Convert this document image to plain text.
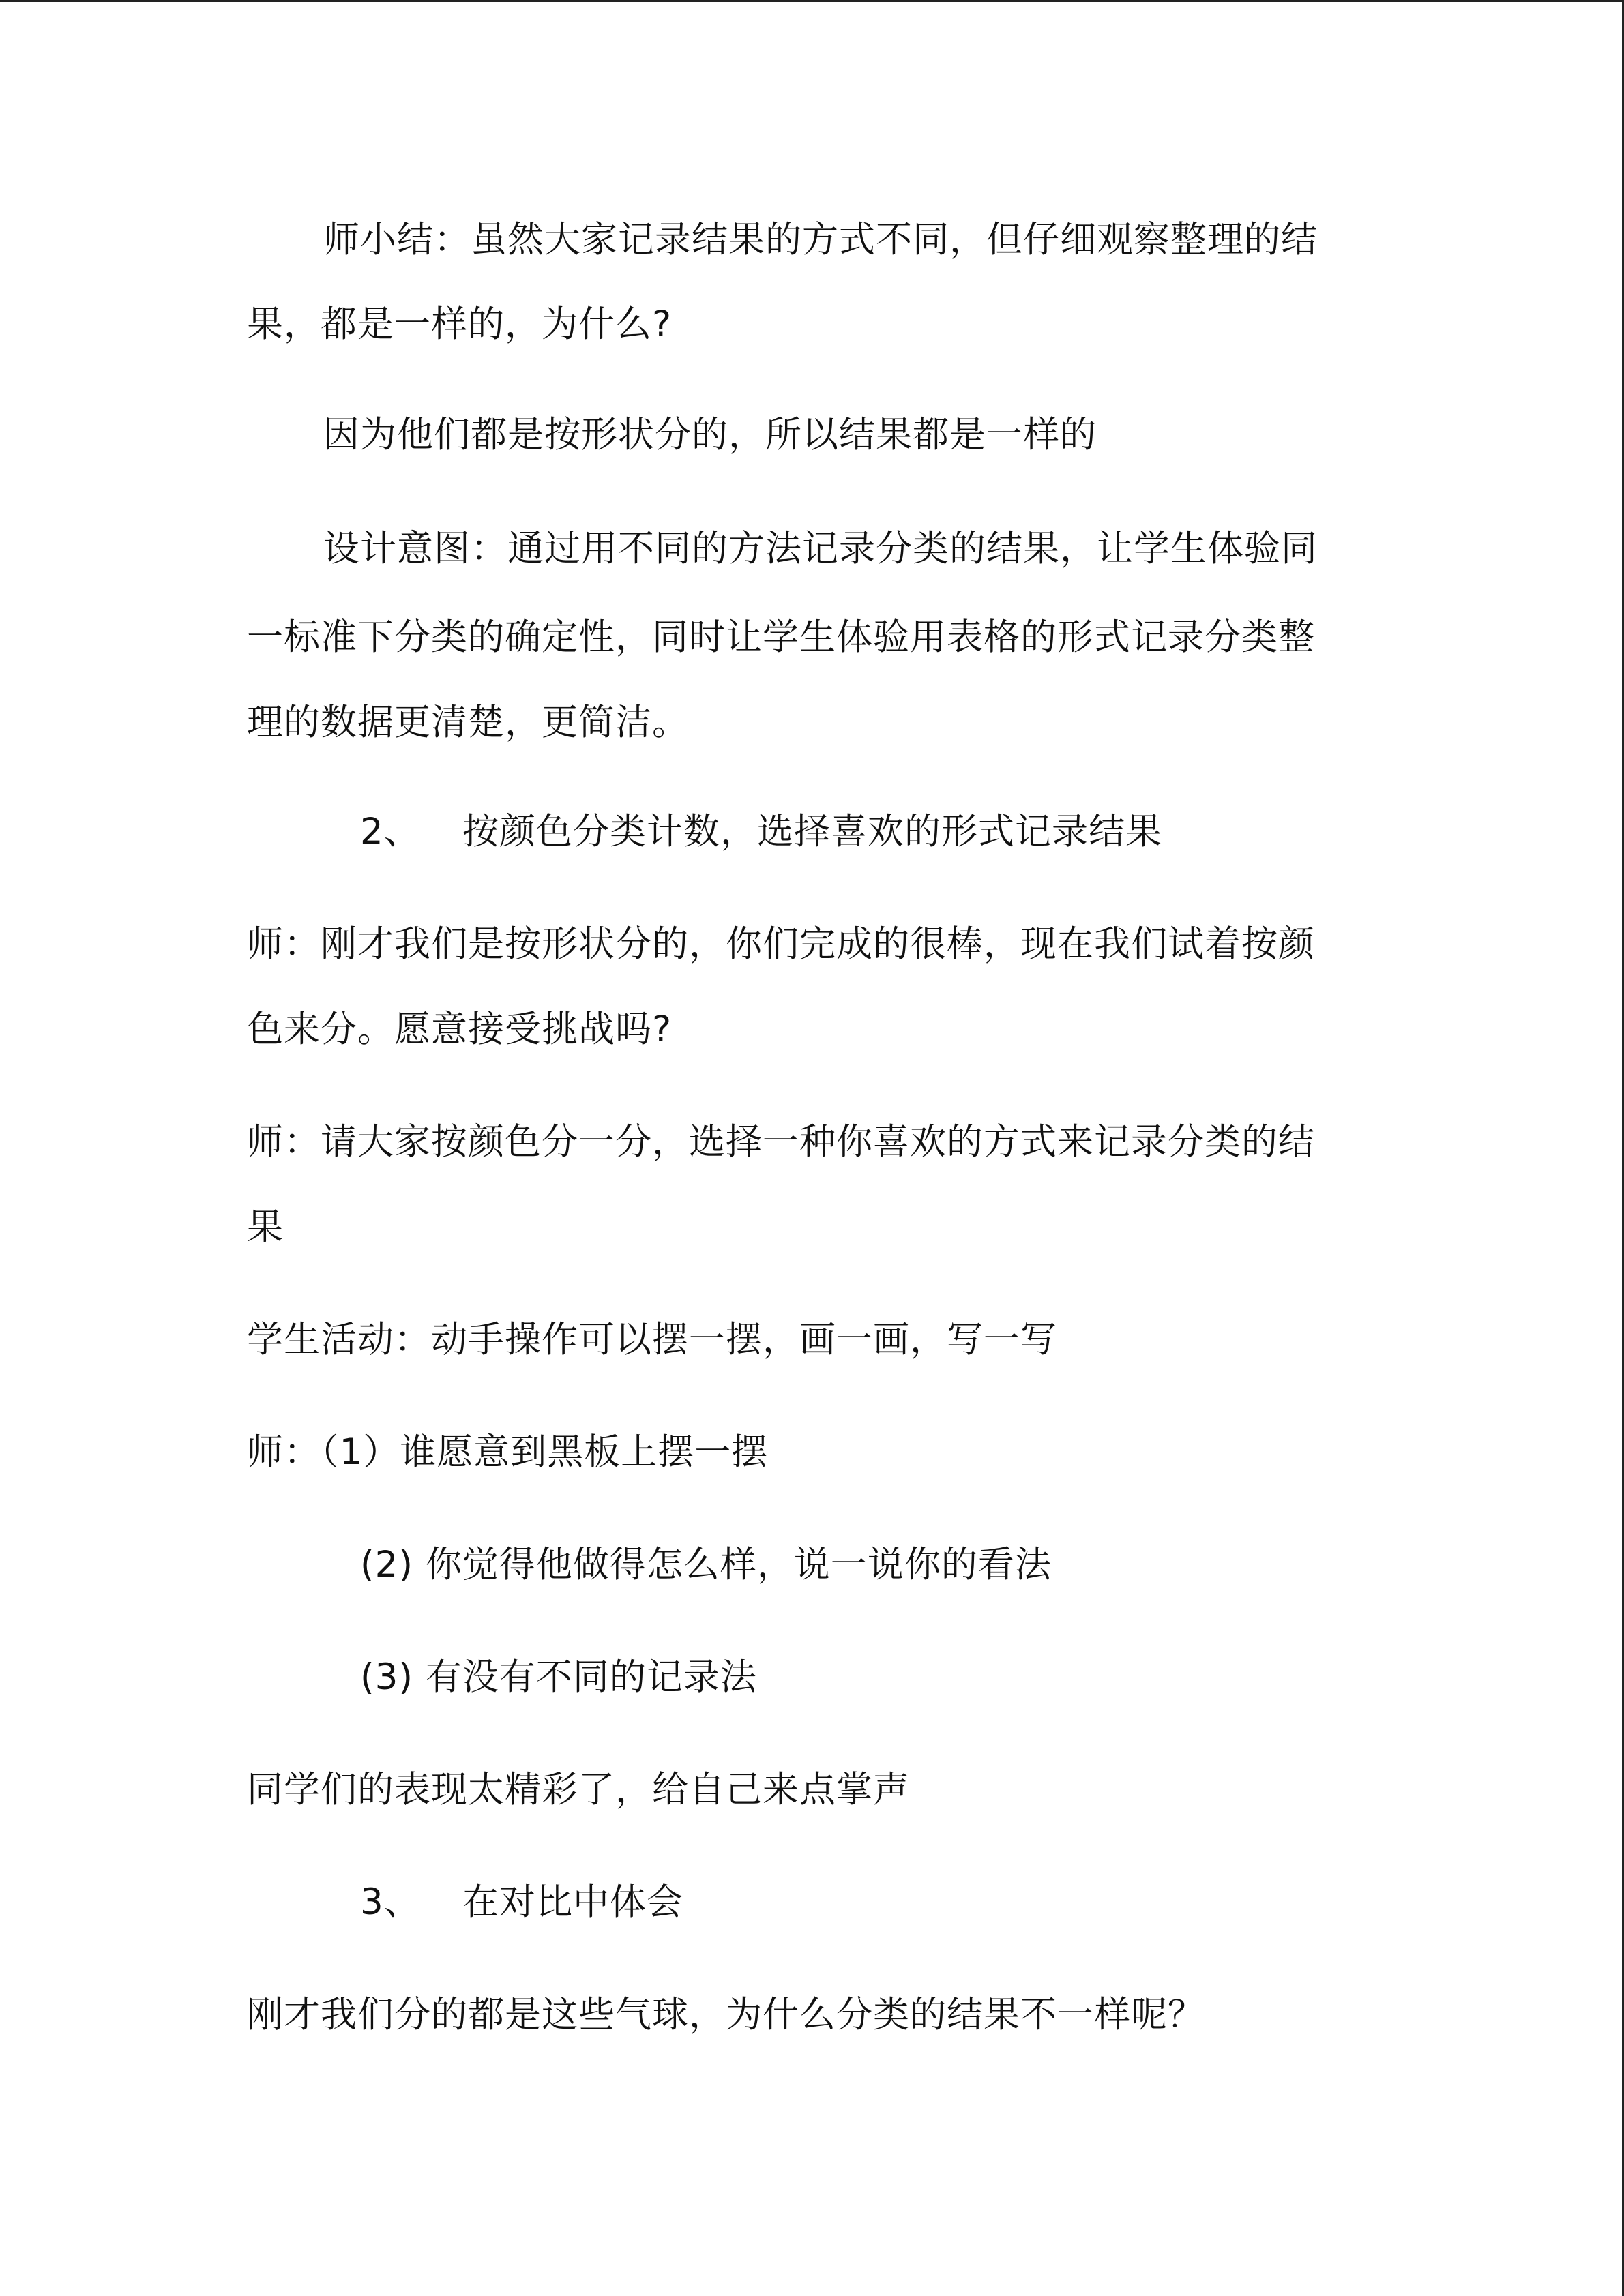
师小结：虽然大家记录结果的方式不同，但仔细观察整理的结
果，都是一样的，为什么?
因为他们都是按形状分的，所以结果都是一样的
设计意图：通过用不同的方法记录分类的结果，让学生体验同
一标准下分类的确定性，同时让学生体验用表格的形式记录分类整
理的数据更清楚，更简洁。
2、 按颜色分类计数，选择喜欢的形式记录结果
师：刚才我们是按形状分的，你们完成的很棒，现在我们试着按颜
色来分。愿意接受挑战吗?
师：请大家按颜色分一分，选择一种你喜欢的方式来记录分类的结
果
学生活动：动手操作可以摆一摆，画一画，写一写
师：（1）谁愿意到黑板上摆一摆
(2) 你觉得他做得怎么样，说一说你的看法
(3) 有没有不同的记录法
同学们的表现太精彩了，给自己来点掌声
3、 在对比中体会
刚才我们分的都是这些气球，为什么分类的结果不一样呢？
